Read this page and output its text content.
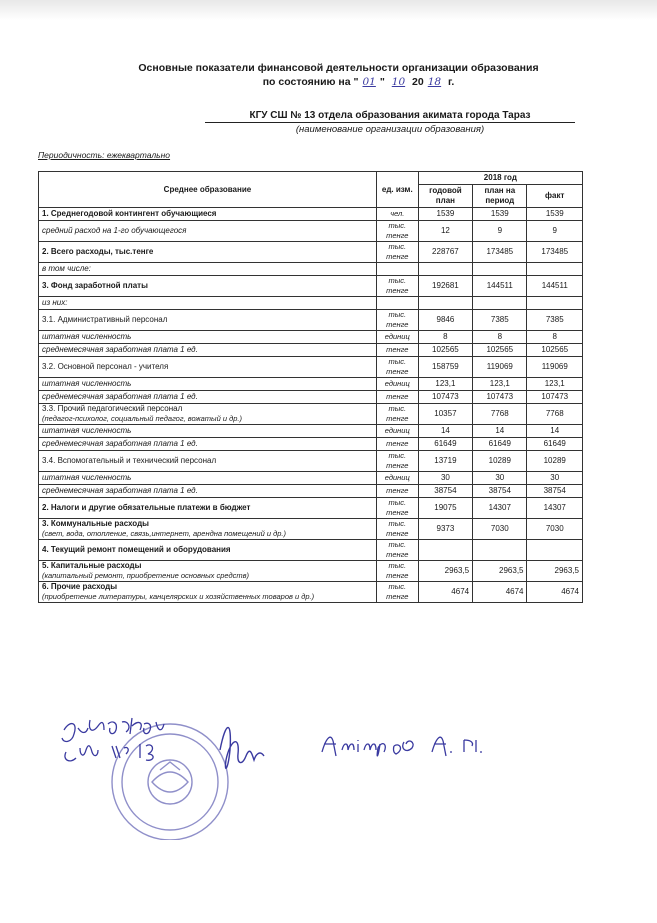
Основные показатели финансовой деятельности организации образования
по состоянию на " 01 " 10 20 18 г.
КГУ СШ № 13 отдела образования акимата города Тараз
(наименование организации образования)
Периодичность: ежеквартально
Среднее образование	ед. изм.	2018 год		
		годовой план	план на период	факт
1. Среднегодовой контингент обучающиеся	чел.	1539	1539	1539
средний расход на 1-го обучающегося	тыс. тенге	12	9	9
2. Всего расходы, тыс.тенге	тыс. тенге	228767	173485	173485
в том числе:				
3. Фонд заработной платы	тыс. тенге	192681	144511	144511
из них:				
3.1. Административный персонал	тыс. тенге	9846	7385	7385
штатная численность	единиц	8	8	8
среднемесячная заработная плата 1 ед.	тенге	102565	102565	102565
3.2. Основной персонал - учителя	тыс. тенге	158759	119069	119069
штатная численность	единиц	123,1	123,1	123,1
среднемесячная заработная плата 1 ед.	тенге	107473	107473	107473
3.3. Прочий педагогический персонал
(педагог-психолог, социальный педагог, вожатый и др.)	тыс. тенге	10357	7768	7768
штатная численность	единиц	14	14	14
среднемесячная заработная плата 1 ед.	тенге	61649	61649	61649
3.4. Вспомогательный и технический персонал	тыс. тенге	13719	10289	10289
штатная численность	единиц	30	30	30
среднемесячная заработная плата 1 ед.	тенге	38754	38754	38754
2. Налоги и другие обязательные платежи в бюджет	тыс. тенге	19075	14307	14307
3. Коммунальные расходы
(свет, вода, отопление, связь,интернет, арендна помещений и др.)	тыс. тенге	9373	7030	7030
4. Текущий ремонт помещений и оборудования	тыс. тенге			
5. Капитальные расходы
(капитальный ремонт, приобретение основных средств)	тыс. тенге	2963,5	2963,5	2963,5
6. Прочие расходы
(приобретение литературы, канцелярских и хозяйственных товаров и др.)	тыс. тенге	4674	4674	4674
